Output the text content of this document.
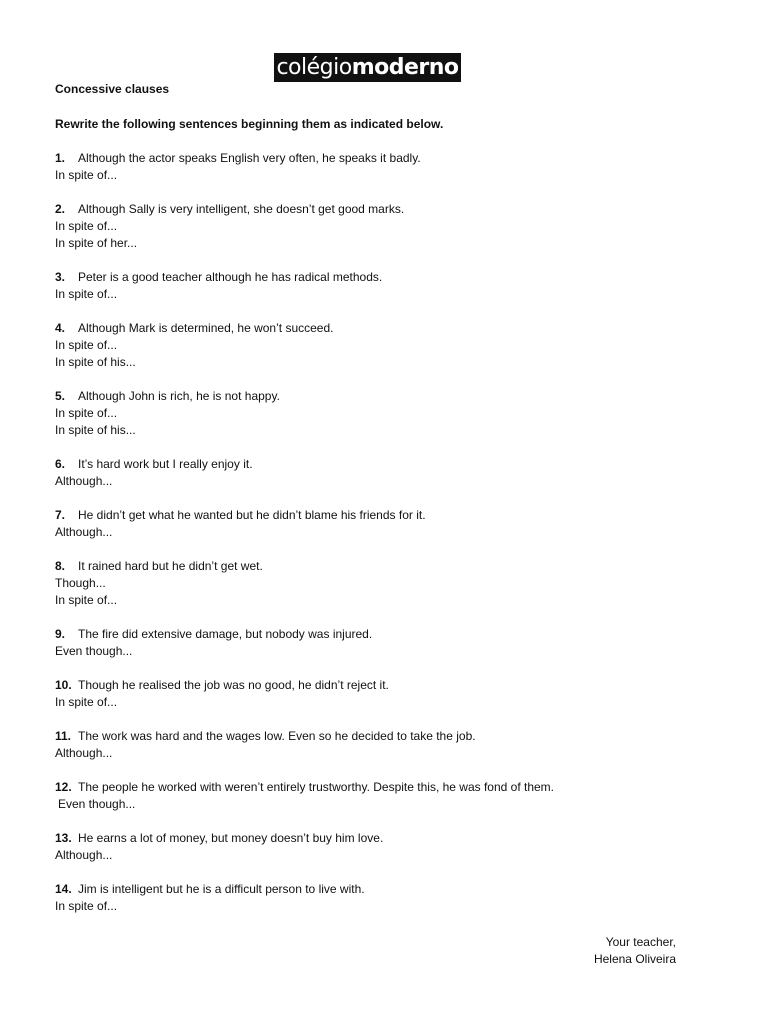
colégio moderno
Concessive clauses
Rewrite the following sentences beginning them as indicated below.
1. Although the actor speaks English very often, he speaks it badly.
In spite of...
2. Although Sally is very intelligent, she doesn’t get good marks.
In spite of...
In spite of her...
3. Peter is a good teacher although he has radical methods.
In spite of...
4. Although Mark is determined, he won’t succeed.
In spite of...
In spite of his...
5. Although John is rich, he is not happy.
In spite of...
In spite of his...
6. It’s hard work but I really enjoy it.
Although...
7. He didn’t get what he wanted but he didn’t blame his friends for it.
Although...
8. It rained hard but he didn’t get wet.
Though...
In spite of...
9. The fire did extensive damage, but nobody was injured.
Even though...
10. Though he realised the job was no good, he didn’t reject it.
In spite of...
11. The work was hard and the wages low. Even so he decided to take the job.
Although...
12. The people he worked with weren’t entirely trustworthy. Despite this, he was fond of them.
Even though...
13. He earns a lot of money, but money doesn’t buy him love.
Although...
14. Jim is intelligent but he is a difficult person to live with.
In spite of...
Your teacher,
Helena Oliveira
